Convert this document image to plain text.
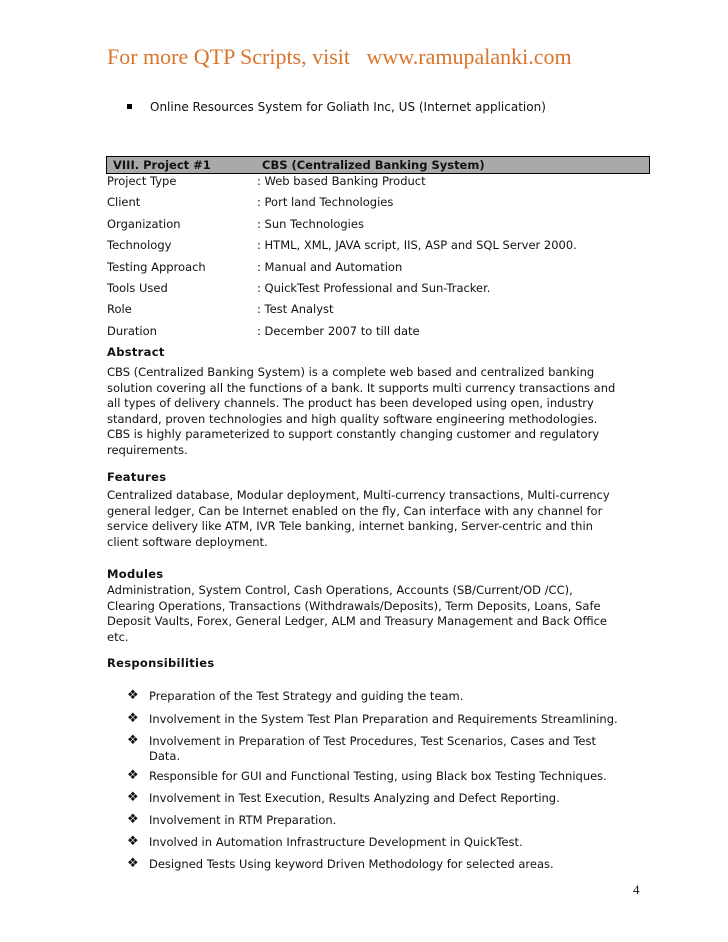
For more QTP Scripts, visit   www.ramupalanki.com
Online Resources System for Goliath Inc, US (Internet application)
VIII. Project #1	CBS (Centralized Banking System)
Project Type	: Web based Banking Product
Client	: Port land Technologies
Organization	: Sun Technologies
Technology	: HTML, XML, JAVA script, IIS, ASP and SQL Server 2000.
Testing Approach	: Manual and Automation
Tools Used	: QuickTest Professional and Sun-Tracker.
Role	: Test Analyst
Duration	: December 2007 to till date
Abstract
CBS (Centralized Banking System) is a complete web based and centralized banking
solution covering all the functions of a bank. It supports multi currency transactions and
all types of delivery channels. The product has been developed using open, industry
standard, proven technologies and high quality software engineering methodologies.
CBS is highly parameterized to support constantly changing customer and regulatory
requirements.
Features
Centralized database, Modular deployment, Multi-currency transactions, Multi-currency
general ledger, Can be Internet enabled on the fly, Can interface with any channel for
service delivery like ATM, IVR Tele banking, internet banking, Server-centric and thin
client software deployment.
Modules
Administration, System Control, Cash Operations, Accounts (SB/Current/OD /CC),
Clearing Operations, Transactions (Withdrawals/Deposits), Term Deposits, Loans, Safe
Deposit Vaults, Forex, General Ledger, ALM and Treasury Management and Back Office
etc.
Responsibilities
❖ Preparation of the Test Strategy and guiding the team.
❖ Involvement in the System Test Plan Preparation and Requirements Streamlining.
❖ Involvement in Preparation of Test Procedures, Test Scenarios, Cases and Test Data.
❖ Responsible for GUI and Functional Testing, using Black box Testing Techniques.
❖ Involvement in Test Execution, Results Analyzing and Defect Reporting.
❖ Involvement in RTM Preparation.
❖ Involved in Automation Infrastructure Development in QuickTest.
❖ Designed Tests Using keyword Driven Methodology for selected areas.
4
